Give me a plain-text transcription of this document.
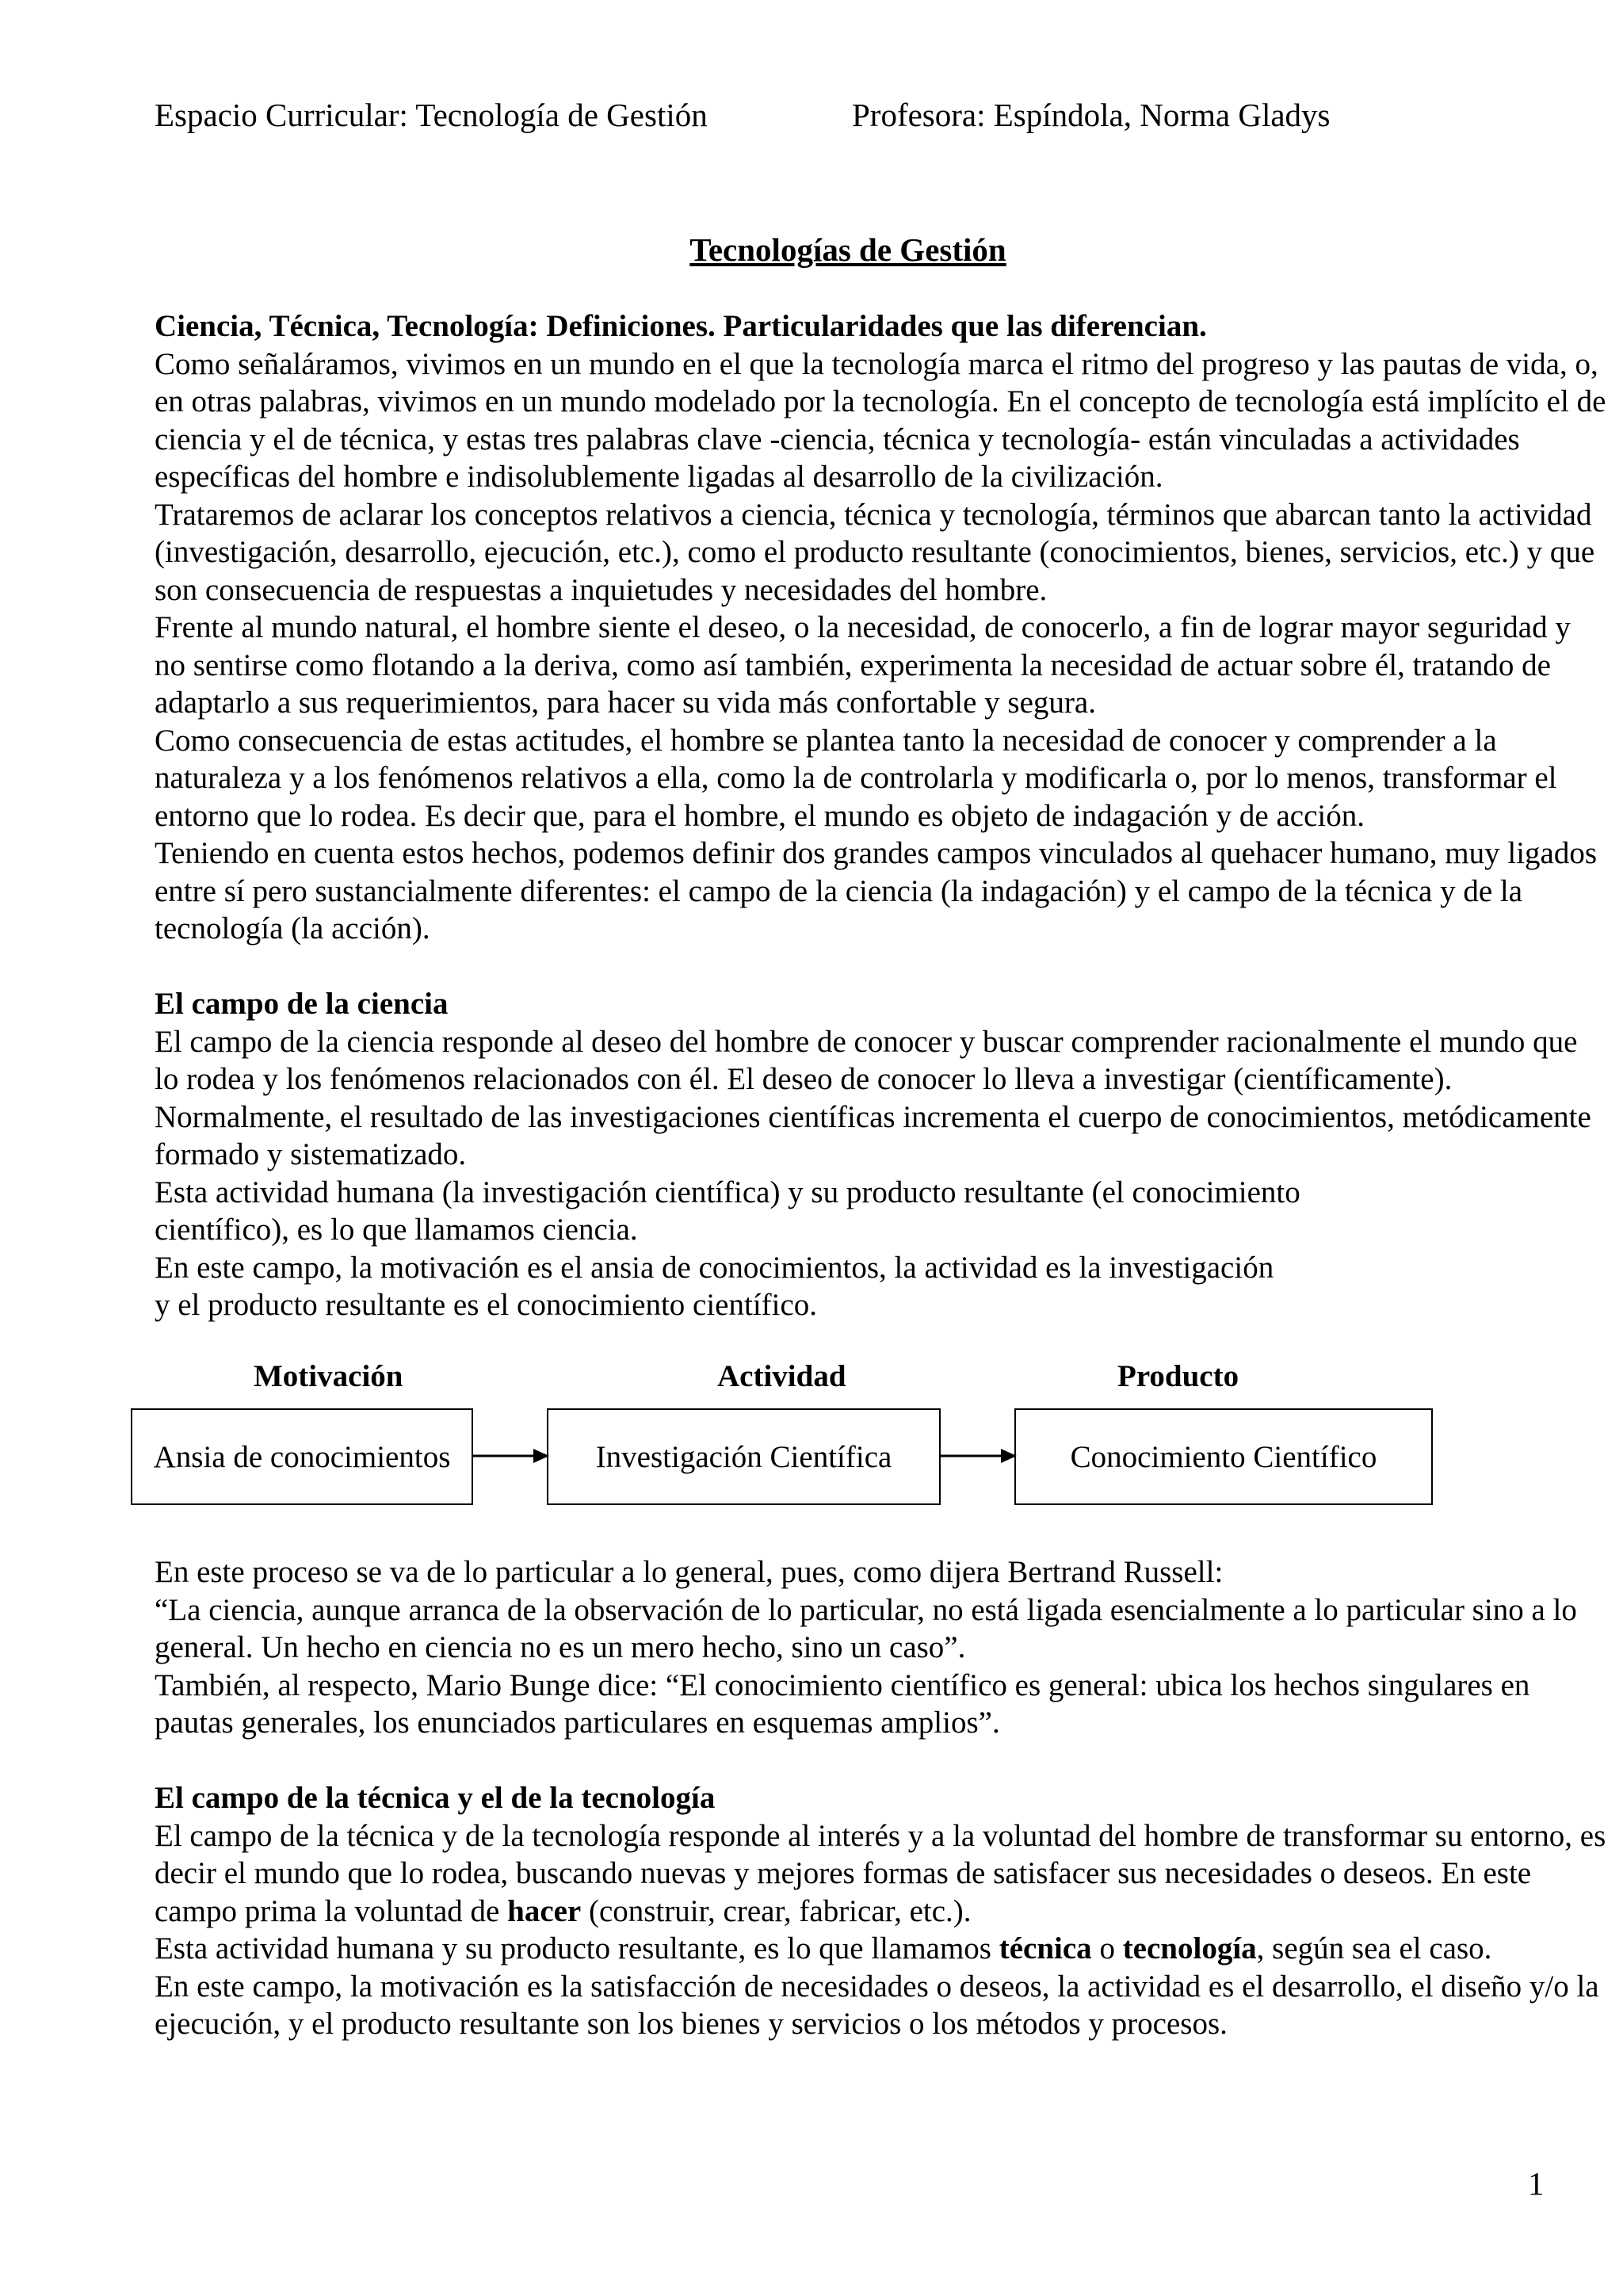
Espacio Curricular: Tecnología de Gestión	Profesora: Espíndola, Norma Gladys
Tecnologías de Gestión
Ciencia, Técnica, Tecnología: Definiciones. Particularidades que las diferencian.

Como señaláramos, vivimos en un mundo en el que la tecnología marca el ritmo del progreso y las pautas de vida, o, en otras palabras, vivimos en un mundo modelado por la tecnología. En el concepto de tecnología está implícito el de ciencia y el de técnica, y estas tres palabras clave -ciencia, técnica y tecnología- están vinculadas a actividades específicas del hombre e indisolublemente ligadas al desarrollo de la civilización.

Trataremos de aclarar los conceptos relativos a ciencia, técnica y tecnología, términos que abarcan tanto la actividad (investigación, desarrollo, ejecución, etc.), como el producto resultante (conocimientos, bienes, servicios, etc.) y que son consecuencia de respuestas a inquietudes y necesidades del hombre.

Frente al mundo natural, el hombre siente el deseo, o la necesidad, de conocerlo, a fin de lograr mayor seguridad y no sentirse como flotando a la deriva, como así también, experimenta la necesidad de actuar sobre él, tratando de adaptarlo a sus requerimientos, para hacer su vida más confortable y segura.

Como consecuencia de estas actitudes, el hombre se plantea tanto la necesidad de conocer y comprender a la naturaleza y a los fenómenos relativos a ella, como la de controlarla y modificarla o, por lo menos, transformar el entorno que lo rodea. Es decir que, para el hombre, el mundo es objeto de indagación y de acción.

Teniendo en cuenta estos hechos, podemos definir dos grandes campos vinculados al quehacer humano, muy ligados entre sí pero sustancialmente diferentes: el campo de la ciencia (la indagación) y el campo de la técnica y de la tecnología (la acción).

El campo de la ciencia

El campo de la ciencia responde al deseo del hombre de conocer y buscar comprender racionalmente el mundo que lo rodea y los fenómenos relacionados con él. El deseo de conocer lo lleva a investigar (científicamente). Normalmente, el resultado de las investigaciones científicas incrementa el cuerpo de conocimientos, metódicamente formado y sistematizado.

Esta actividad humana (la investigación científica) y su producto resultante (el conocimiento

científico), es lo que llamamos ciencia.

En este campo, la motivación es el ansia de conocimientos, la actividad es la investigación

y el producto resultante es el conocimiento científico.

Motivación	Actividad	Producto
Ansia de conocimientos	Investigación Científica	Conocimiento Científico

En este proceso se va de lo particular a lo general, pues, como dijera Bertrand Russell:

“La ciencia, aunque arranca de la observación de lo particular, no está ligada esencialmente a lo particular sino a lo general. Un hecho en ciencia no es un mero hecho, sino un caso”.

También, al respecto, Mario Bunge dice: “El conocimiento científico es general: ubica los hechos singulares en pautas generales, los enunciados particulares en esquemas amplios”.

El campo de la técnica y el de la tecnología

El campo de la técnica y de la tecnología responde al interés y a la voluntad del hombre de transformar su entorno, es decir el mundo que lo rodea, buscando nuevas y mejores formas de satisfacer sus necesidades o deseos. En este campo prima la voluntad de hacer (construir, crear, fabricar, etc.).

Esta actividad humana y su producto resultante, es lo que llamamos técnica o tecnología, según sea el caso.

En este campo, la motivación es la satisfacción de necesidades o deseos, la actividad es el desarrollo, el diseño y/o la ejecución, y el producto resultante son los bienes y servicios o los métodos y procesos.

1
